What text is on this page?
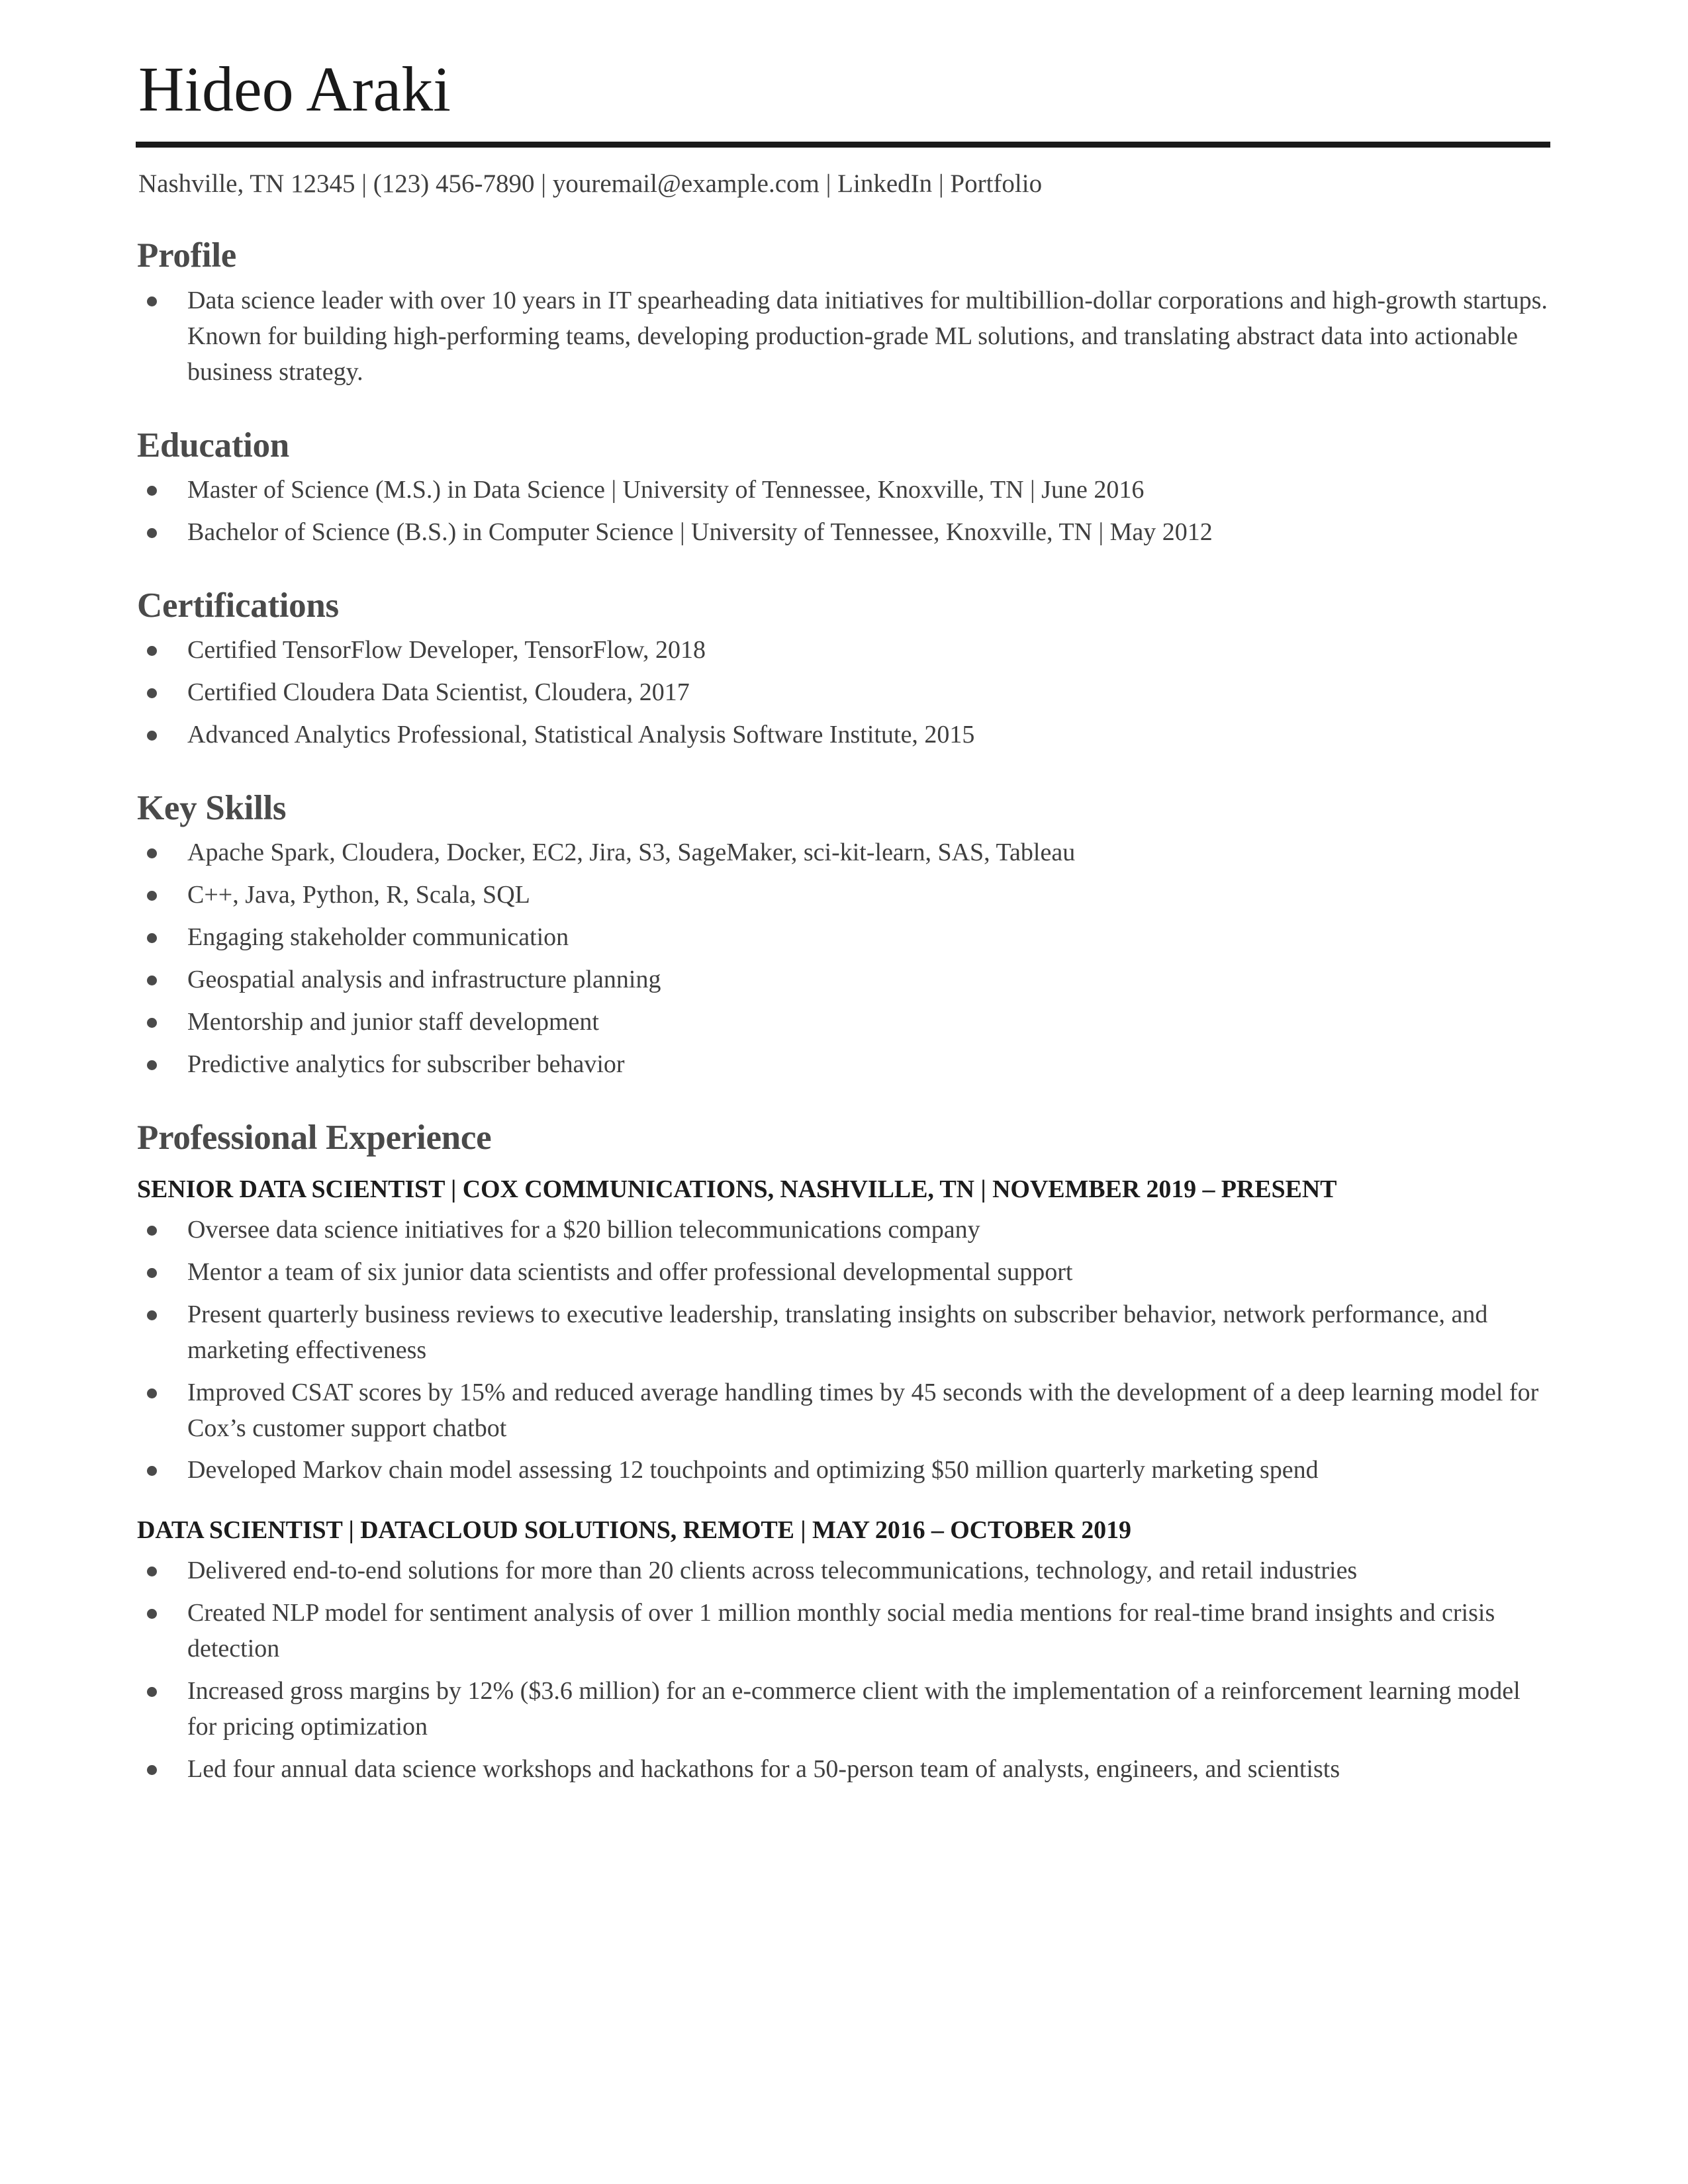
Hideo Araki
Nashville, TN 12345 | (123) 456-7890 | youremail@example.com | LinkedIn | Portfolio
Profile
Data science leader with over 10 years in IT spearheading data initiatives for multibillion-dollar corporations and high-growth startups. Known for building high-performing teams, developing production-grade ML solutions, and translating abstract data into actionable business strategy.
Education
Master of Science (M.S.) in Data Science | University of Tennessee, Knoxville, TN | June 2016
Bachelor of Science (B.S.) in Computer Science | University of Tennessee, Knoxville, TN | May 2012
Certifications
Certified TensorFlow Developer, TensorFlow, 2018
Certified Cloudera Data Scientist, Cloudera, 2017
Advanced Analytics Professional, Statistical Analysis Software Institute, 2015
Key Skills
Apache Spark, Cloudera, Docker, EC2, Jira, S3, SageMaker, sci-kit-learn, SAS, Tableau
C++, Java, Python, R, Scala, SQL
Engaging stakeholder communication
Geospatial analysis and infrastructure planning
Mentorship and junior staff development
Predictive analytics for subscriber behavior
Professional Experience
SENIOR DATA SCIENTIST | COX COMMUNICATIONS, NASHVILLE, TN | NOVEMBER 2019 – PRESENT
Oversee data science initiatives for a $20 billion telecommunications company
Mentor a team of six junior data scientists and offer professional developmental support
Present quarterly business reviews to executive leadership, translating insights on subscriber behavior, network performance, and marketing effectiveness
Improved CSAT scores by 15% and reduced average handling times by 45 seconds with the development of a deep learning model for Cox’s customer support chatbot
Developed Markov chain model assessing 12 touchpoints and optimizing $50 million quarterly marketing spend
DATA SCIENTIST | DATACLOUD SOLUTIONS, REMOTE | MAY 2016 – OCTOBER 2019
Delivered end-to-end solutions for more than 20 clients across telecommunications, technology, and retail industries
Created NLP model for sentiment analysis of over 1 million monthly social media mentions for real-time brand insights and crisis detection
Increased gross margins by 12% ($3.6 million) for an e-commerce client with the implementation of a reinforcement learning model for pricing optimization
Led four annual data science workshops and hackathons for a 50-person team of analysts, engineers, and scientists
